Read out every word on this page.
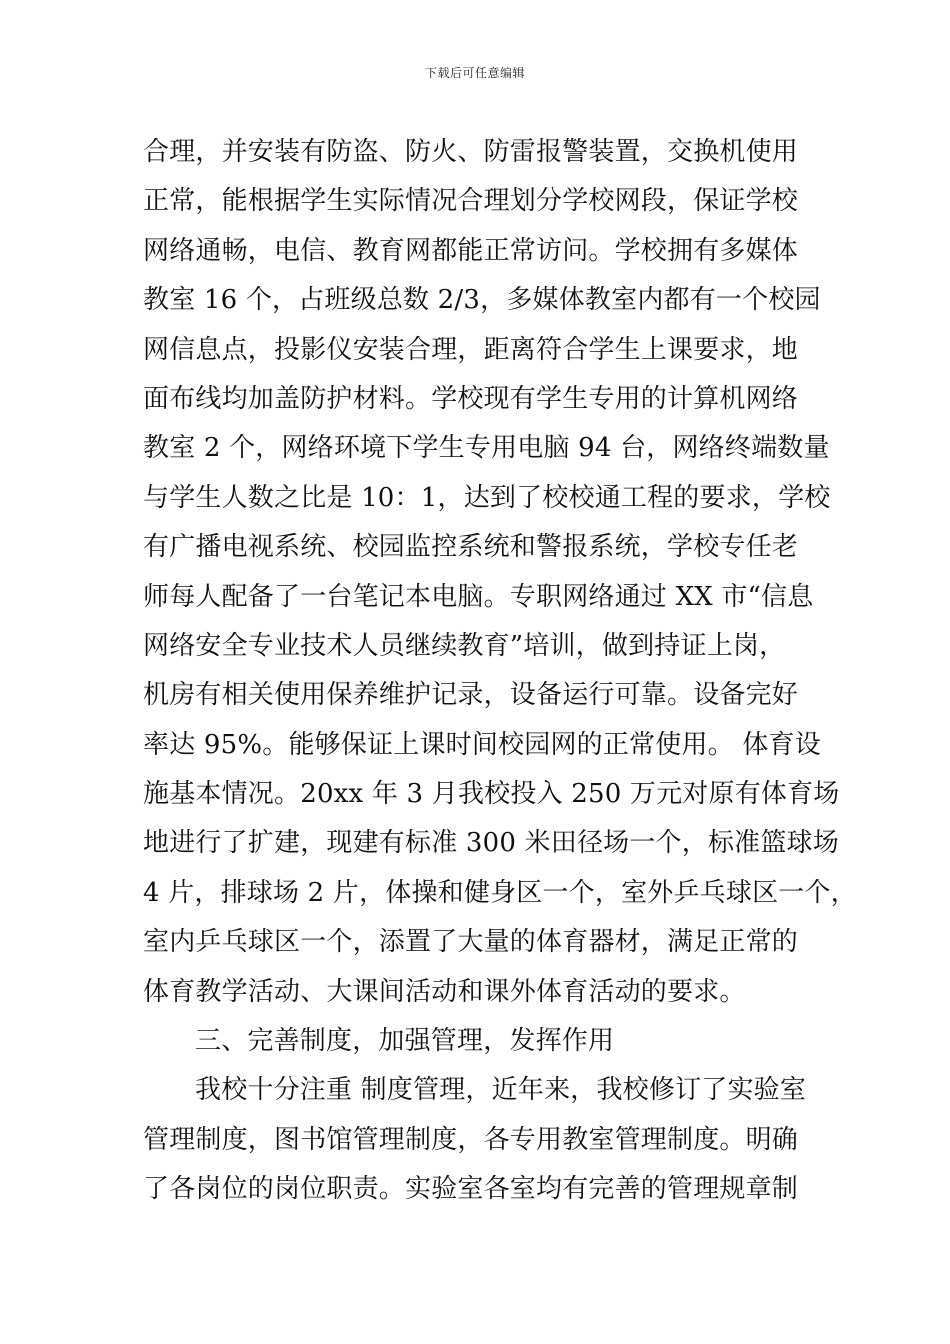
下载后可任意编辑
合理，并安装有防盗、防火、防雷报警装置，交换机使用
正常，能根据学生实际情况合理划分学校网段，保证学校
网络通畅，电信、教育网都能正常访问。学校拥有多媒体
教室 16 个，占班级总数 2/3，多媒体教室内都有一个校园
网信息点，投影仪安装合理，距离符合学生上课要求，地
面布线均加盖防护材料。学校现有学生专用的计算机网络
教室 2 个，网络环境下学生专用电脑 94 台，网络终端数量
与学生人数之比是 10：1，达到了校校通工程的要求，学校
有广播电视系统、校园监控系统和警报系统，学校专任老
师每人配备了一台笔记本电脑。专职网络通过 XX 市“信息
网络安全专业技术人员继续教育”培训，做到持证上岗，
机房有相关使用保养维护记录，设备运行可靠。设备完好
率达 95%。能够保证上课时间校园网的正常使用。 体育设
施基本情况。20xx 年 3 月我校投入 250 万元对原有体育场
地进行了扩建，现建有标准 300 米田径场一个，标准篮球场
4 片，排球场 2 片，体操和健身区一个，室外乒乓球区一个，
室内乒乓球区一个，添置了大量的体育器材，满足正常的
体育教学活动、大课间活动和课外体育活动的要求。
三、完善制度，加强管理，发挥作用
我校十分注重 制度管理，近年来，我校修订了实验室
管理制度，图书馆管理制度，各专用教室管理制度。明确
了各岗位的岗位职责。实验室各室均有完善的管理规章制
